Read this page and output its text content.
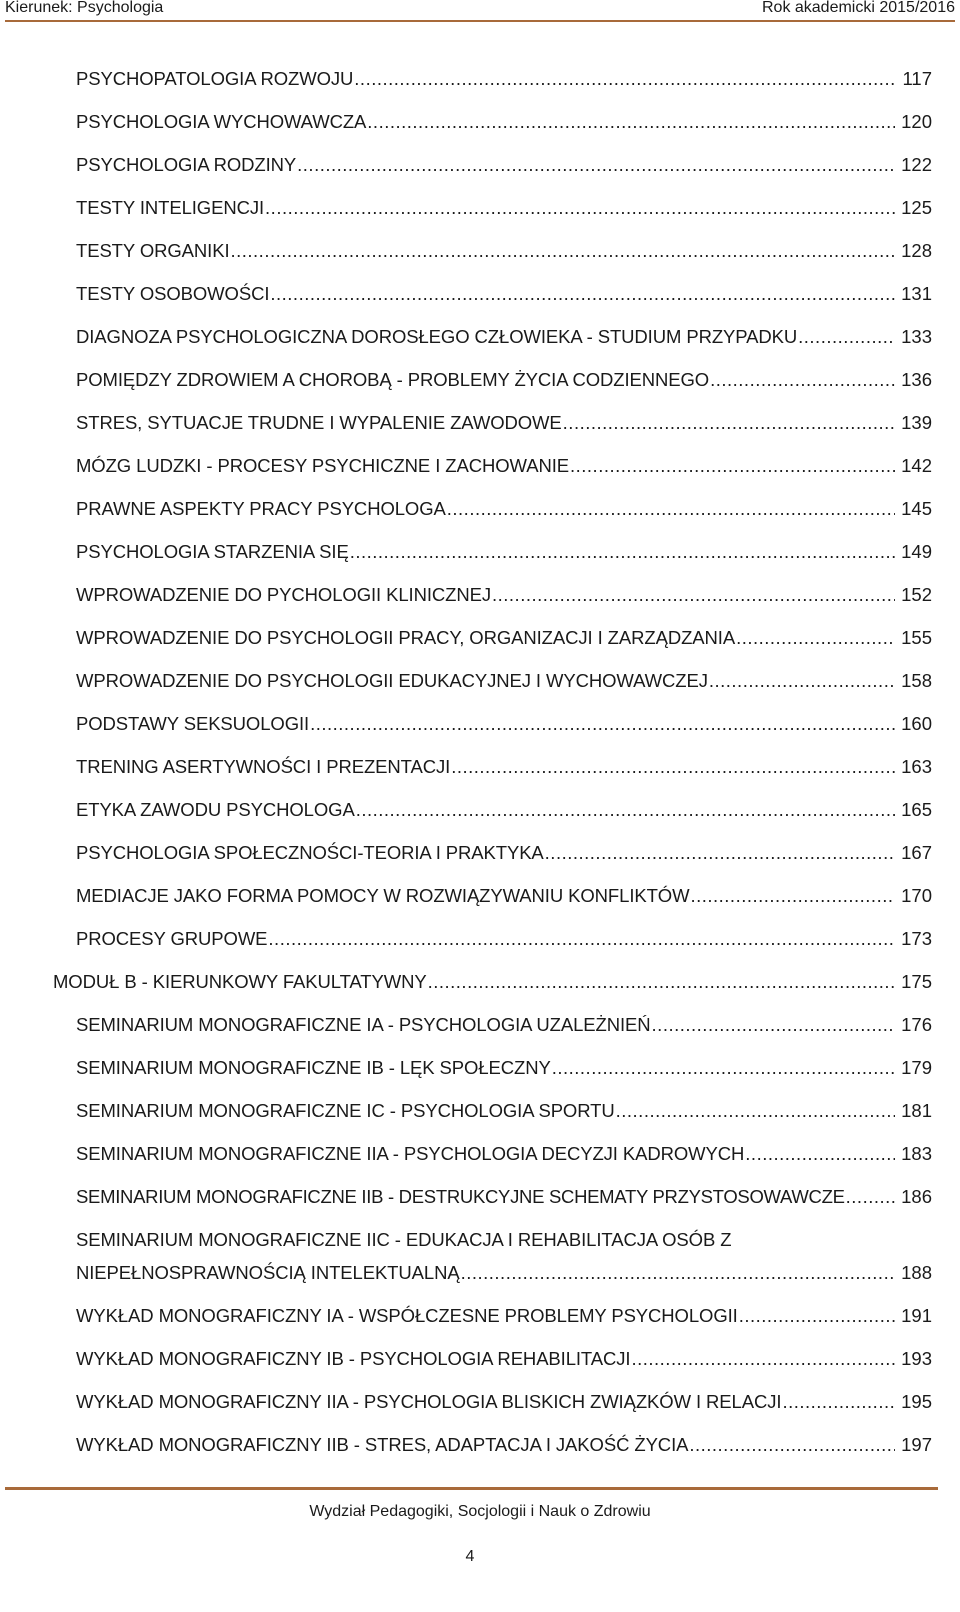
Kierunek: Psychologia	Rok akademicki 2015/2016
PSYCHOPATOLOGIA ROZWOJU .....	117
PSYCHOLOGIA WYCHOWAWCZA .....	120
PSYCHOLOGIA RODZINY .....	122
TESTY INTELIGENCJI .....	125
TESTY ORGANIKI .....	128
TESTY OSOBOWOŚCI .....	131
DIAGNOZA PSYCHOLOGICZNA DOROSŁEGO CZŁOWIEKA - STUDIUM PRZYPADKU .....	133
POMIĘDZY ZDROWIEM A CHOROBĄ - PROBLEMY ŻYCIA CODZIENNEGO .....	136
STRES, SYTUACJE TRUDNE I WYPALENIE ZAWODOWE .....	139
MÓZG LUDZKI - PROCESY PSYCHICZNE I ZACHOWANIE .....	142
PRAWNE ASPEKTY PRACY PSYCHOLOGA .....	145
PSYCHOLOGIA STARZENIA SIĘ .....	149
WPROWADZENIE DO PYCHOLOGII KLINICZNEJ .....	152
WPROWADZENIE DO PSYCHOLOGII PRACY, ORGANIZACJI I ZARZĄDZANIA .....	155
WPROWADZENIE DO PSYCHOLOGII EDUKACYJNEJ I WYCHOWAWCZEJ .....	158
PODSTAWY SEKSUOLOGII .....	160
TRENING ASERTYWNOŚCI I PREZENTACJI .....	163
ETYKA ZAWODU PSYCHOLOGA .....	165
PSYCHOLOGIA SPOŁECZNOŚCI-TEORIA I PRAKTYKA .....	167
MEDIACJE JAKO FORMA POMOCY W ROZWIĄZYWANIU KONFLIKTÓW .....	170
PROCESY GRUPOWE .....	173
MODUŁ B - KIERUNKOWY FAKULTATYWNY .....	175
SEMINARIUM MONOGRAFICZNE IA - PSYCHOLOGIA UZALEŻNIEŃ .....	176
SEMINARIUM MONOGRAFICZNE IB - LĘK SPOŁECZNY .....	179
SEMINARIUM MONOGRAFICZNE IC - PSYCHOLOGIA SPORTU .....	181
SEMINARIUM MONOGRAFICZNE IIA - PSYCHOLOGIA DECYZJI KADROWYCH .....	183
SEMINARIUM MONOGRAFICZNE IIB - DESTRUKCYJNE SCHEMATY PRZYSTOSOWAWCZE .....	186
SEMINARIUM MONOGRAFICZNE IIC - EDUKACJA I REHABILITACJA OSÓB Z
NIEPEŁNOSPRAWNOŚCIĄ INTELEKTUALNĄ .....	188
WYKŁAD MONOGRAFICZNY IA - WSPÓŁCZESNE PROBLEMY PSYCHOLOGII .....	191
WYKŁAD MONOGRAFICZNY IB - PSYCHOLOGIA REHABILITACJI .....	193
WYKŁAD MONOGRAFICZNY IIA - PSYCHOLOGIA BLISKICH ZWIĄZKÓW I RELACJI .....	195
WYKŁAD MONOGRAFICZNY IIB - STRES, ADAPTACJA I JAKOŚĆ ŻYCIA .....	197
Wydział Pedagogiki, Socjologii i Nauk o Zdrowiu
4
